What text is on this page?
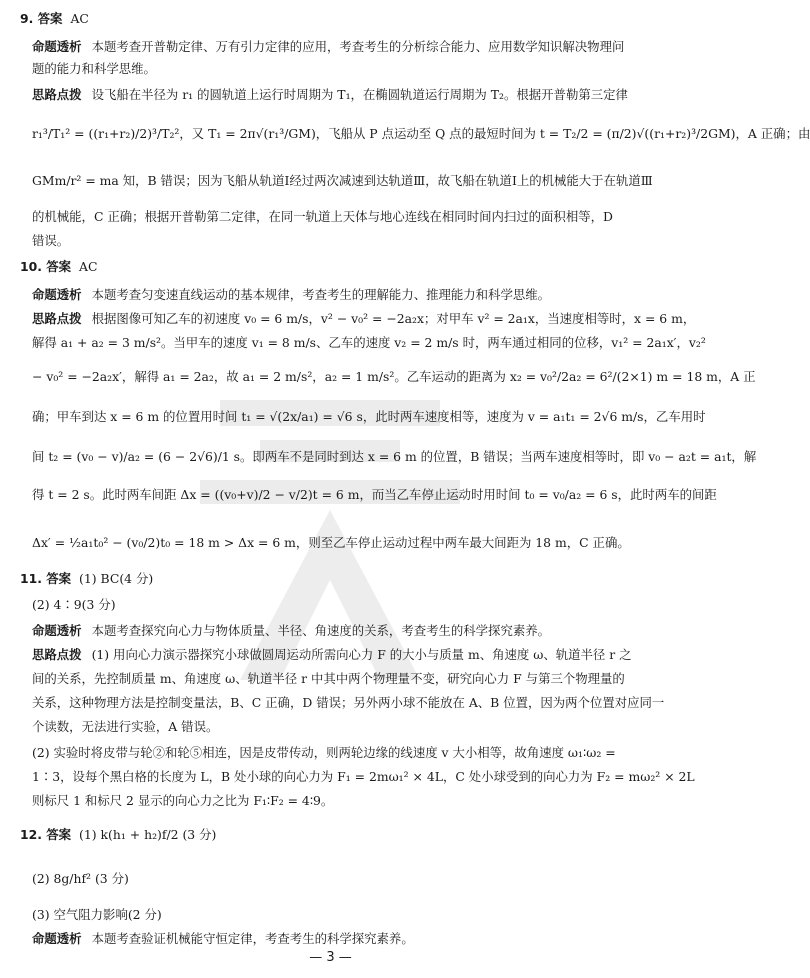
9. 答案 AC
命题透析 本题考查开普勒定律、万有引力定律的应用，考查考生的分析综合能力、应用数学知识解决物理问
题的能力和科学思维。
思路点拨 设飞船在半径为 r₁ 的圆轨道上运行时周期为 T₁，在椭圆轨道运行周期为 T₂。根据开普勒第三定律
r₁³/T₁² = ((r₁+r₂)/2)³/T₂²，又 T₁ = 2π√(r₁³/GM)，飞船从 P 点运动至 Q 点的最短时间为 t = T₂/2 = (π/2)√((r₁+r₂)³/2GM)，A 正确；由
GMm/r² = ma 知，B 错误；因为飞船从轨道Ⅰ经过两次减速到达轨道Ⅲ，故飞船在轨道Ⅰ上的机械能大于在轨道Ⅲ
的机械能，C 正确；根据开普勒第二定律，在同一轨道上天体与地心连线在相同时间内扫过的面积相等，D
错误。
10. 答案 AC
命题透析 本题考查匀变速直线运动的基本规律，考查考生的理解能力、推理能力和科学思维。
思路点拨 根据图像可知乙车的初速度 v₀ = 6 m/s，v² − v₀² = −2a₂x；对甲车 v² = 2a₁x，当速度相等时，x = 6 m，
解得 a₁ + a₂ = 3 m/s²。当甲车的速度 v₁ = 8 m/s、乙车的速度 v₂ = 2 m/s 时，两车通过相同的位移，v₁² = 2a₁x′，v₂²
− v₀² = −2a₂x′，解得 a₁ = 2a₂，故 a₁ = 2 m/s²，a₂ = 1 m/s²。乙车运动的距离为 x₂ = v₀²/2a₂ = 6²/(2×1) m = 18 m，A 正
确；甲车到达 x = 6 m 的位置用时间 t₁ = √(2x/a₁) = √6 s，此时两车速度相等，速度为 v = a₁t₁ = 2√6 m/s，乙车用时
间 t₂ = (v₀ − v)/a₂ = (6 − 2√6)/1 s。即两车不是同时到达 x = 6 m 的位置，B 错误；当两车速度相等时，即 v₀ − a₂t = a₁t，解
得 t = 2 s。此时两车间距 Δx = ((v₀+v)/2 − v/2)t = 6 m，而当乙车停止运动时用时间 t₀ = v₀/a₂ = 6 s，此时两车的间距
Δx′ = ½a₁t₀² − (v₀/2)t₀ = 18 m > Δx = 6 m，则至乙车停止运动过程中两车最大间距为 18 m，C 正确。
11. 答案 (1) BC(4 分)
(2) 4∶9(3 分)
命题透析 本题考查探究向心力与物体质量、半径、角速度的关系，考查考生的科学探究素养。
思路点拨 (1) 用向心力演示器探究小球做圆周运动所需向心力 F 的大小与质量 m、角速度 ω、轨道半径 r 之
间的关系，先控制质量 m、角速度 ω、轨道半径 r 中其中两个物理量不变，研究向心力 F 与第三个物理量的
关系，这种物理方法是控制变量法，B、C 正确，D 错误；另外两小球不能放在 A、B 位置，因为两个位置对应同一
个读数，无法进行实验，A 错误。
(2) 实验时将皮带与轮②和轮⑤相连，因是皮带传动，则两轮边缘的线速度 v 大小相等，故角速度 ω₁∶ω₂ =
1∶3，设每个黑白格的长度为 L，B 处小球的向心力为 F₁ = 2mω₁² × 4L，C 处小球受到的向心力为 F₂ = mω₂² × 2L
则标尺 1 和标尺 2 显示的向心力之比为 F₁∶F₂ = 4∶9。
12. 答案 (1) k(h₁ + h₂)f/2 (3 分)
(2) 8g/hf² (3 分)
(3) 空气阻力影响(2 分)
命题透析 本题考查验证机械能守恒定律，考查考生的科学探究素养。
— 3 —
